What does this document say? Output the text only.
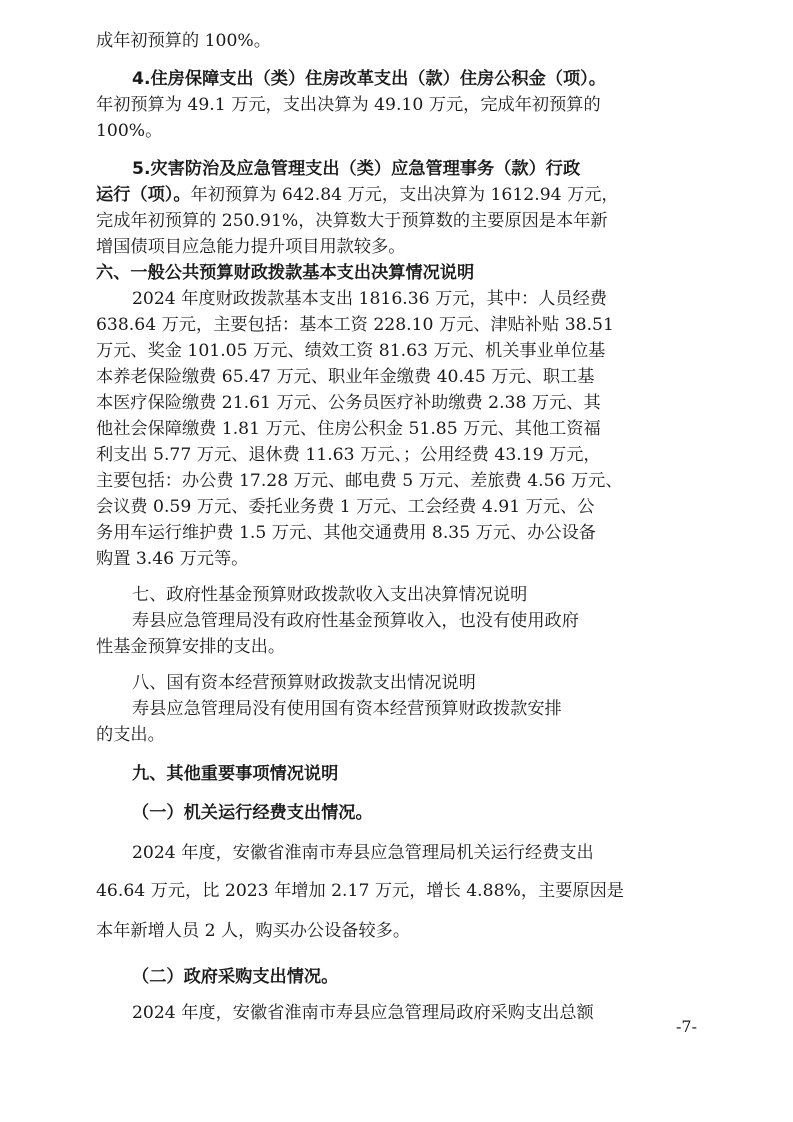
成年初预算的 100%。
4.住房保障支出（类）住房改革支出（款）住房公积金（项）。
年初预算为 49.1 万元，支出决算为 49.10 万元，完成年初预算的
100%。
5.灾害防治及应急管理支出（类）应急管理事务（款）行政
运行（项）。年初预算为 642.84 万元，支出决算为 1612.94 万元，
完成年初预算的 250.91%，决算数大于预算数的主要原因是本年新
增国债项目应急能力提升项目用款较多。
六、一般公共预算财政拨款基本支出决算情况说明
2024 年度财政拨款基本支出 1816.36 万元，其中：人员经费
638.64 万元，主要包括：基本工资 228.10 万元、津贴补贴 38.51
万元、奖金 101.05 万元、绩效工资 81.63 万元、机关事业单位基
本养老保险缴费 65.47 万元、职业年金缴费 40.45 万元、职工基
本医疗保险缴费 21.61 万元、公务员医疗补助缴费 2.38 万元、其
他社会保障缴费 1.81 万元、住房公积金 51.85 万元、其他工资福
利支出 5.77 万元、退休费 11.63 万元、；公用经费 43.19 万元，
主要包括：办公费 17.28 万元、邮电费 5 万元、差旅费 4.56 万元、
会议费 0.59 万元、委托业务费 1 万元、工会经费 4.91 万元、公
务用车运行维护费 1.5 万元、其他交通费用 8.35 万元、办公设备
购置 3.46 万元等。
七、政府性基金预算财政拨款收入支出决算情况说明
寿县应急管理局没有政府性基金预算收入，也没有使用政府
性基金预算安排的支出。
八、国有资本经营预算财政拨款支出情况说明
寿县应急管理局没有使用国有资本经营预算财政拨款安排
的支出。
九、其他重要事项情况说明
（一）机关运行经费支出情况。
2024 年度，安徽省淮南市寿县应急管理局机关运行经费支出
46.64 万元，比 2023 年增加 2.17 万元，增长 4.88%，主要原因是
本年新增人员 2 人，购买办公设备较多。
（二）政府采购支出情况。
2024 年度，安徽省淮南市寿县应急管理局政府采购支出总额
-7-
